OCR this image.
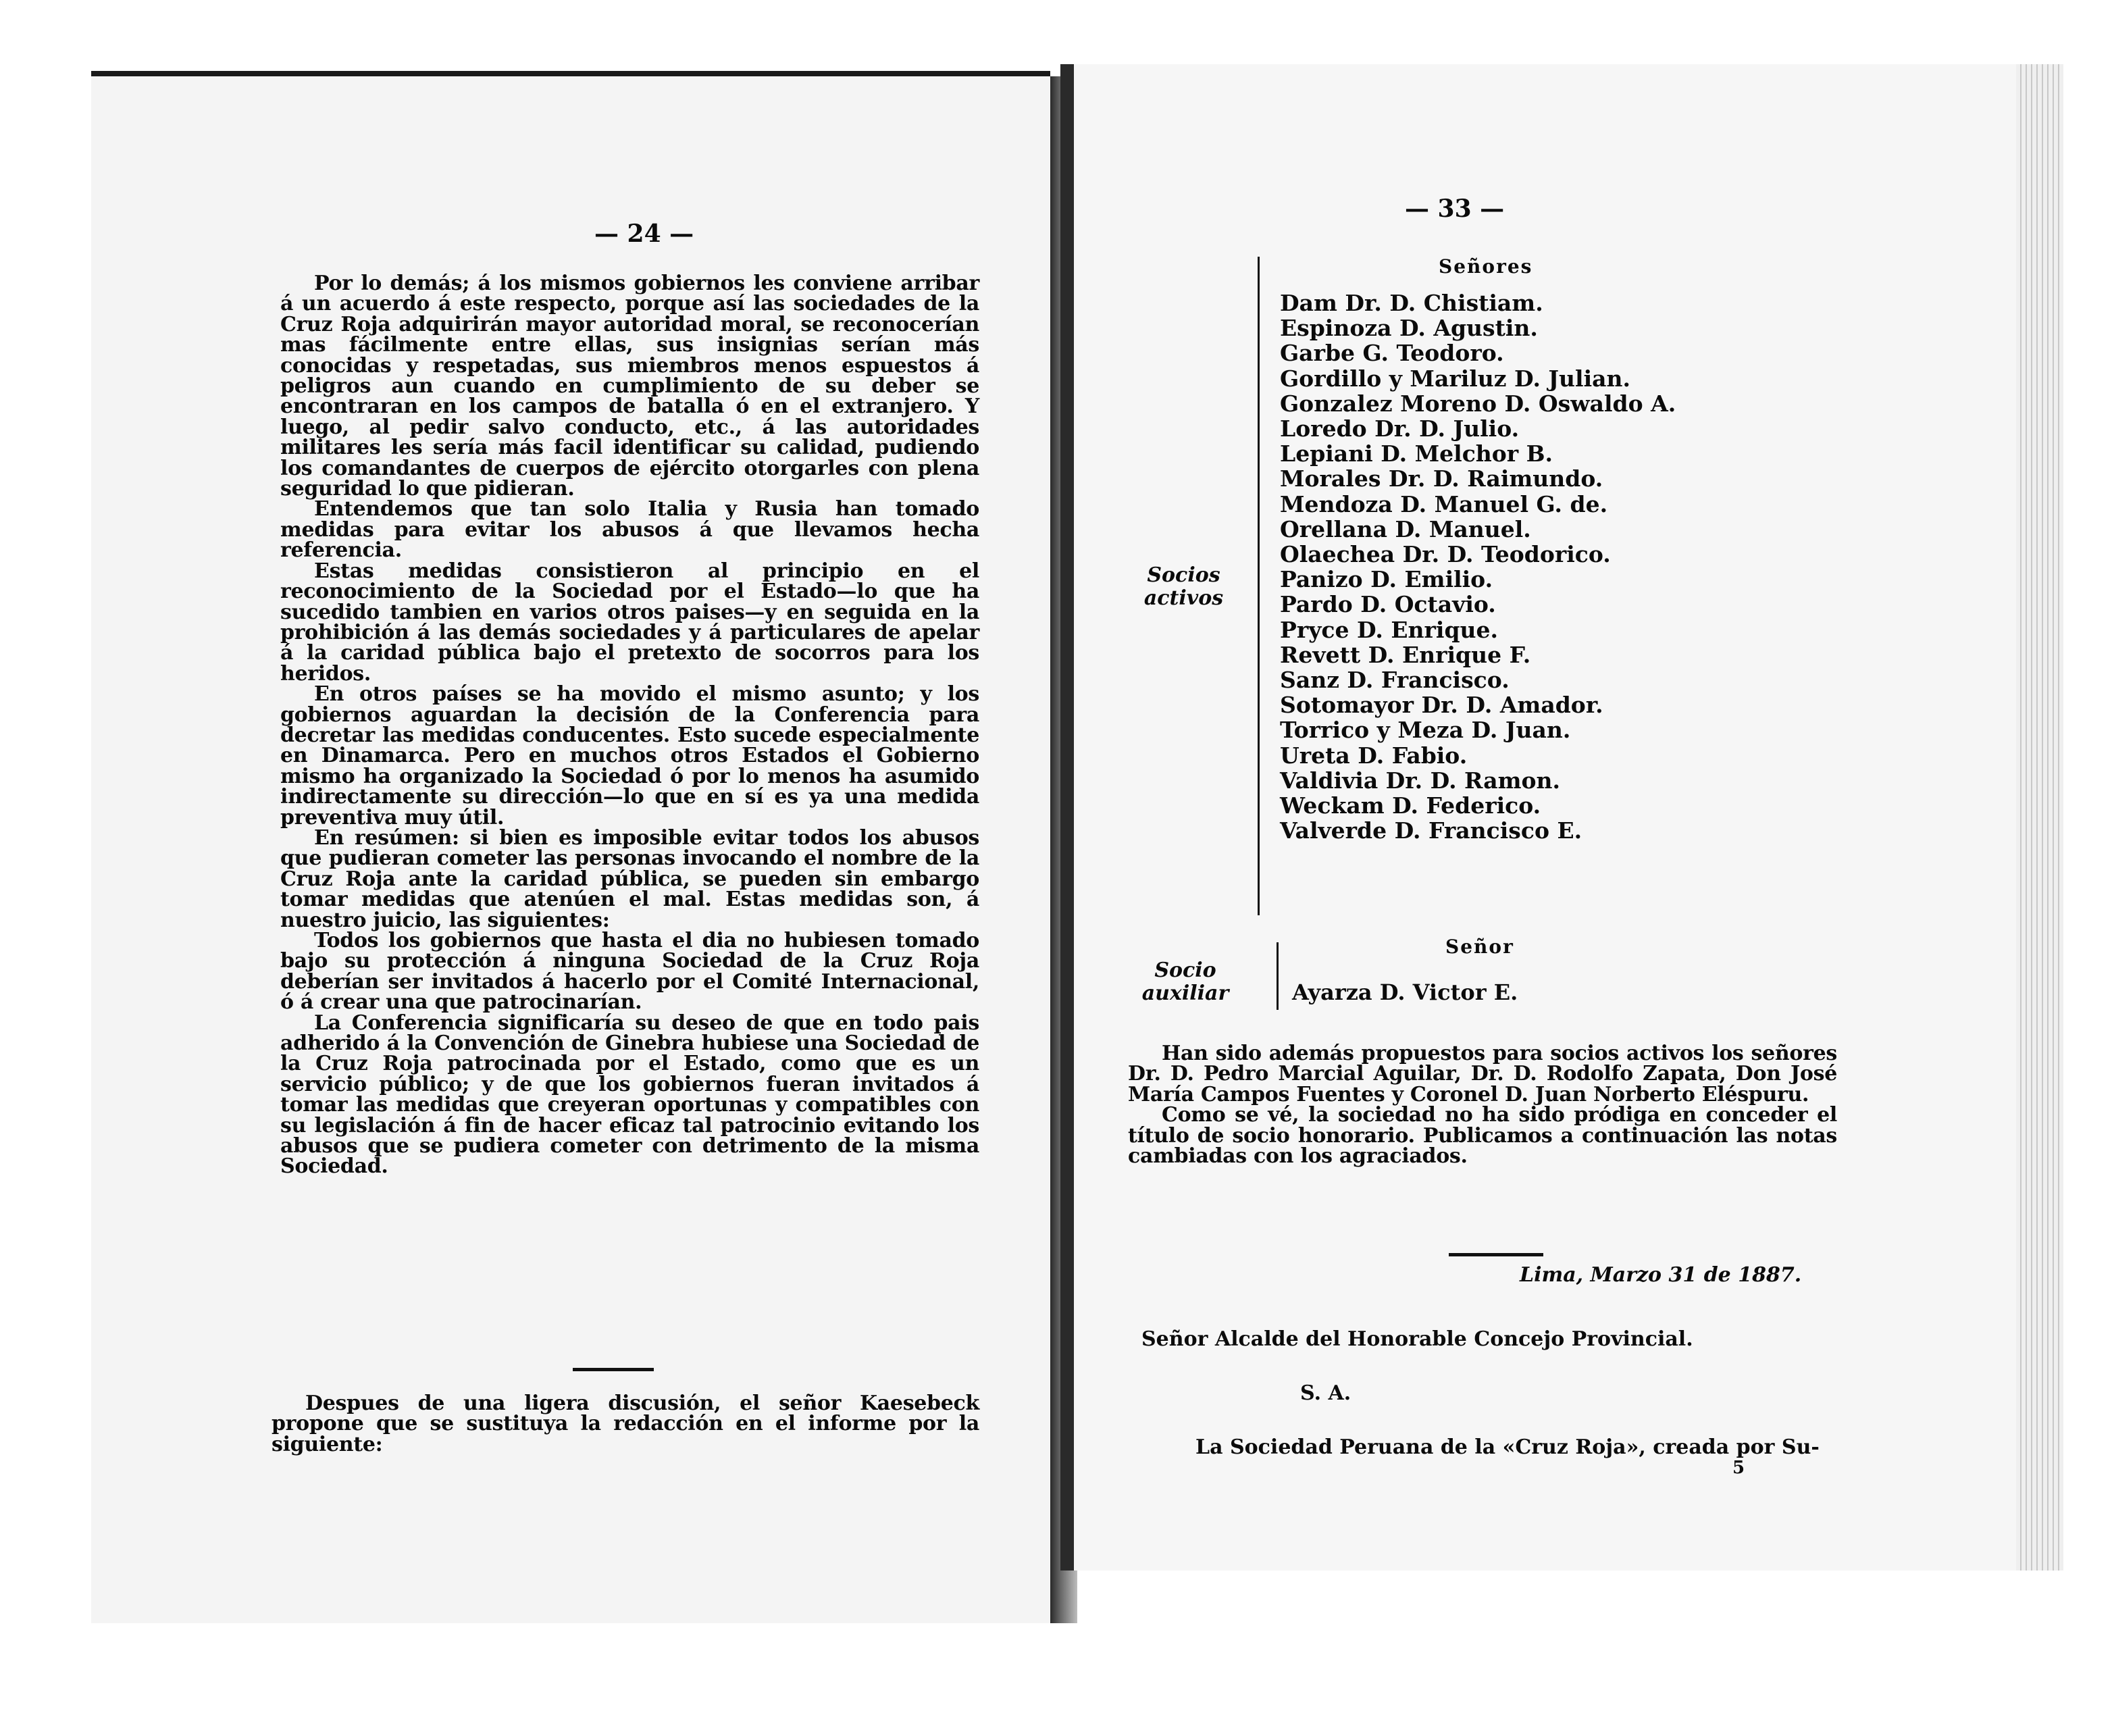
— 24 —

Por lo demás; á los mismos gobiernos les conviene arribar á un acuerdo á este respecto, porque así las sociedades de la Cruz Roja adquirirán mayor autoridad moral, se reconocerían mas fácilmente entre ellas, sus insignias serían más conocidas y respetadas, sus miembros menos espuestos á peligros aun cuando en cumplimiento de su deber se encontraran en los campos de batalla ó en el extranjero. Y luego, al pedir salvo conducto, etc., á las autoridades militares les sería más facil identificar su calidad, pudiendo los comandantes de cuerpos de ejército otorgarles con plena seguridad lo que pidieran.

Entendemos que tan solo Italia y Rusia han tomado medidas para evitar los abusos á que llevamos hecha referencia.

Estas medidas consistieron al principio en el reconocimiento de la Sociedad por el Estado—lo que ha sucedido tambien en varios otros paises—y en seguida en la prohibición á las demás sociedades y á particulares de apelar á la caridad pública bajo el pretexto de socorros para los heridos.

En otros países se ha movido el mismo asunto; y los gobiernos aguardan la decisión de la Conferencia para decretar las medidas conducentes. Esto sucede especialmente en Dinamarca. Pero en muchos otros Estados el Gobierno mismo ha organizado la Sociedad ó por lo menos ha asumido indirectamente su dirección—lo que en sí es ya una medida preventiva muy útil.

En resúmen: si bien es imposible evitar todos los abusos que pudieran cometer las personas invocando el nombre de la Cruz Roja ante la caridad pública, se pueden sin embargo tomar medidas que atenúen el mal. Estas medidas son, á nuestro juicio, las siguientes:

Todos los gobiernos que hasta el dia no hubiesen tomado bajo su protección á ninguna Sociedad de la Cruz Roja deberían ser invitados á hacerlo por el Comité Internacional, ó á crear una que patrocinarían.

La Conferencia significaría su deseo de que en todo pais adherido á la Convención de Ginebra hubiese una Sociedad de la Cruz Roja patrocinada por el Estado, como que es un servicio público; y de que los gobiernos fueran invitados á tomar las medidas que creyeran oportunas y compatibles con su legislación á fin de hacer eficaz tal patrocinio evitando los abusos que se pudiera cometer con detrimento de la misma Sociedad.

Despues de una ligera discusión, el señor Kaesebeck propone que se sustituya la redacción en el informe por la siguiente:

— 33 —
Señores
Socios activos
Dam Dr. D. Chistiam.
Espinoza D. Agustin.
Garbe G. Teodoro.
Gordillo y Mariluz D. Julian.
Gonzalez Moreno D. Oswaldo A.
Loredo Dr. D. Julio.
Lepiani D. Melchor B.
Morales Dr. D. Raimundo.
Mendoza D. Manuel G. de.
Orellana D. Manuel.
Olaechea Dr. D. Teodorico.
Panizo D. Emilio.
Pardo D. Octavio.
Pryce D. Enrique.
Revett D. Enrique F.
Sanz D. Francisco.
Sotomayor Dr. D. Amador.
Torrico y Meza D. Juan.
Ureta D. Fabio.
Valdivia Dr. D. Ramon.
Weckam D. Federico.
Valverde D. Francisco E.
Señor
Socio auxiliar	Ayarza D. Victor E.

Han sido además propuestos para socios activos los señores Dr. D. Pedro Marcial Aguilar, Dr. D. Rodolfo Zapata, Don José María Campos Fuentes y Coronel D. Juan Norberto Eléspuru.

Como se vé, la sociedad no ha sido pródiga en conceder el título de socio honorario. Publicamos a continuación las notas cambiadas con los agraciados.

Lima, Marzo 31 de 1887.
Señor Alcalde del Honorable Concejo Provincial.
S. A.
La Sociedad Peruana de la «Cruz Roja», creada por Su-
5
